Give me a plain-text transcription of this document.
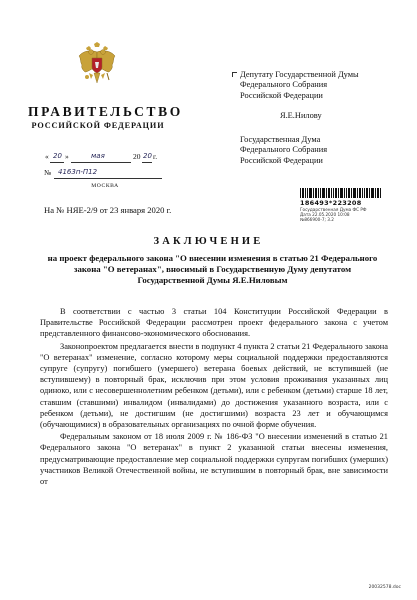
ПРАВИТЕЛЬСТВО
РОССИЙСКОЙ ФЕДЕРАЦИИ
« 20 »	мая	20 20 г.
№ 4163п-П12
МОСКВА
На № НЯЕ-2/9 от 23 января 2020 г.
Депутату Государственной Думы
Федерального Собрания
Российской Федерации
Я.Е.Нилову
Государственная Дума
Федерального Собрания
Российской Федерации
186493*223208
Государственная Дума ФС РФ
Дата 22.05.2020 10:08
№866900-7; 3.2
ЗАКЛЮЧЕНИЕ
на проект федерального закона "О внесении изменения в статью 21 Федерального закона "О ветеранах", вносимый в Государственную Думу депутатом Государственной Думы Я.Е.Ниловым

В соответствии с частью 3 статьи 104 Конституции Российской Федерации в Правительстве Российской Федерации рассмотрен проект федерального закона с учетом представленного финансово-экономического обоснования.

Законопроектом предлагается внести в подпункт 4 пункта 2 статьи 21 Федерального закона "О ветеранах" изменение, согласно которому меры социальной поддержки предоставляются супруге (супругу) погибшего (умершего) ветерана боевых действий, не вступившей (не вступившему) в повторный брак, исключив при этом условия проживания указанных лиц одиноко, или с несовершеннолетним ребенком (детьми), или с ребенком (детьми) старше 18 лет, ставшим (ставшими) инвалидом (инвалидами) до достижения указанного возраста, или с ребенком (детьми), не достигшим (не достигшими) возраста 23 лет и обучающимся (обучающимися) в образовательных организациях по очной форме обучения.

Федеральным законом от 18 июля 2009 г. № 186-ФЗ "О внесении изменений в статью 21 Федерального закона "О ветеранах" в пункт 2 указанной статьи внесены изменения, предусматривающие предоставление мер социальной поддержки супругам погибших (умерших) участников Великой Отечественной войны, не вступившим в повторный брак, вне зависимости от

20032578.doc
